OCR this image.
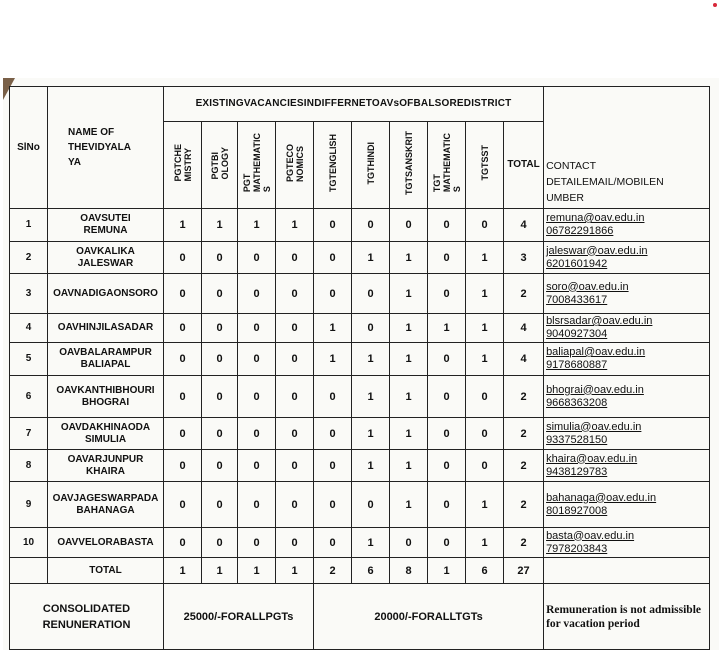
SlNo	NAME OF
THEVIDYALA
YA	EXISTINGVACANCIESINDIFFERNETOAVsOFBALSOREDISTRICT										CONTACT
DETAILEMAIL/MOBILEN
UMBER
		PGTCHE
MISTRY	PGTBI
OLOGY	PGT
MATHEMATIC
S	PGTECO
NOMICS	TGTENGLISH	TGTHINDI	TGTSANSKRIT	TGT
MATHEMATIC
S	TGTSST	TOTAL	
1	OAVSUTEI
REMUNA	1	1	1	1	0	0	0	0	0	4	remuna@oav.edu.in
06782291866

2	OAVKALIKA
JALESWAR	0	0	0	0	0	1	1	0	1	3	jaleswar@oav.edu.in
6201601942

3	OAVNADIGAONSORO	0	0	0	0	0	0	1	0	1	2	soro@oav.edu.in
7008433617

4	OAVHINJILASADAR	0	0	0	0	1	0	1	1	1	4	blsrsadar@oav.edu.in
9040927304

5	OAVBALARAMPUR
BALIAPAL	0	0	0	0	1	1	1	0	1	4	baliapal@oav.edu.in
9178680887

6	OAVKANTHIBHOURI
BHOGRAI	0	0	0	0	0	1	1	0	0	2	bhograi@oav.edu.in
9668363208

7	OAVDAKHINAODA
SIMULIA	0	0	0	0	0	1	1	0	0	2	simulia@oav.edu.in
9337528150

8	OAVARJUNPUR
KHAIRA	0	0	0	0	0	1	1	0	0	2	khaira@oav.edu.in
9438129783

9	OAVJAGESWARPADA
BAHANAGA	0	0	0	0	0	0	1	0	1	2	bahanaga@oav.edu.in
8018927008

10	OAVVELORABASTA	0	0	0	0	0	1	0	0	1	2	basta@oav.edu.in
7978203843

	TOTAL	1	1	1	1	2	6	8	1	6	27	
CONSOLIDATED
RENUNERATION		25000/-FORALLPGTs				20000/-FORALLTGTs						Remuneration is not admissible for vacation period
